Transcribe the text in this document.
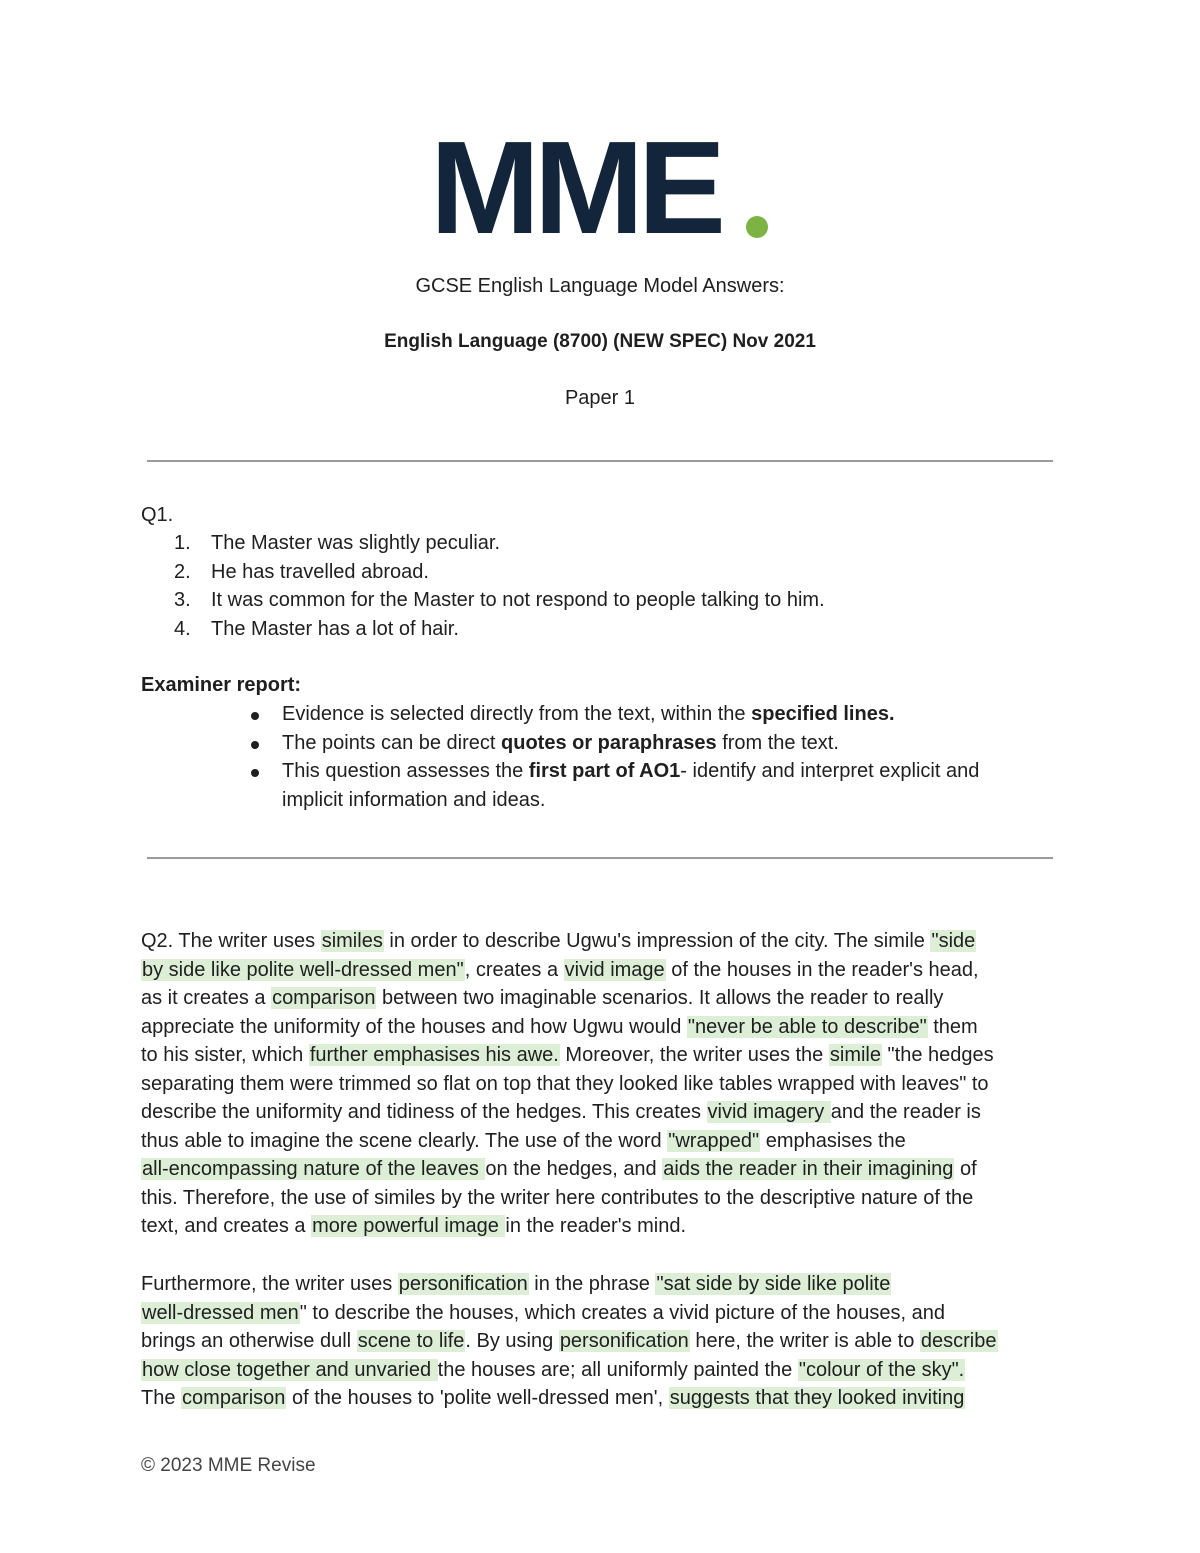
MME
GCSE English Language Model Answers:
English Language (8700) (NEW SPEC) Nov 2021
Paper 1
Q1.
1. The Master was slightly peculiar.
2. He has travelled abroad.
3. It was common for the Master to not respond to people talking to him.
4. The Master has a lot of hair.
Examiner report:
Evidence is selected directly from the text, within the specified lines.
The points can be direct quotes or paraphrases from the text.
This question assesses the first part of AO1- identify and interpret explicit and
implicit information and ideas.

Q2. The writer uses similes in order to describe Ugwu's impression of the city. The simile "side

by side like polite well-dressed men", creates a vivid image of the houses in the reader's head,

as it creates a comparison between two imaginable scenarios. It allows the reader to really

appreciate the uniformity of the houses and how Ugwu would "never be able to describe" them

to his sister, which further emphasises his awe. Moreover, the writer uses the simile "the hedges

separating them were trimmed so flat on top that they looked like tables wrapped with leaves" to

describe the uniformity and tidiness of the hedges. This creates vivid imagery and the reader is

thus able to imagine the scene clearly. The use of the word "wrapped" emphasises the

all-encompassing nature of the leaves on the hedges, and aids the reader in their imagining of

this. Therefore, the use of similes by the writer here contributes to the descriptive nature of the

text, and creates a more powerful image in the reader's mind.

Furthermore, the writer uses personification in the phrase "sat side by side like polite

well-dressed men" to describe the houses, which creates a vivid picture of the houses, and

brings an otherwise dull scene to life. By using personification here, the writer is able to describe

how close together and unvaried the houses are; all uniformly painted the "colour of the sky".

The comparison of the houses to 'polite well-dressed men', suggests that they looked inviting

© 2023 MME Revise
